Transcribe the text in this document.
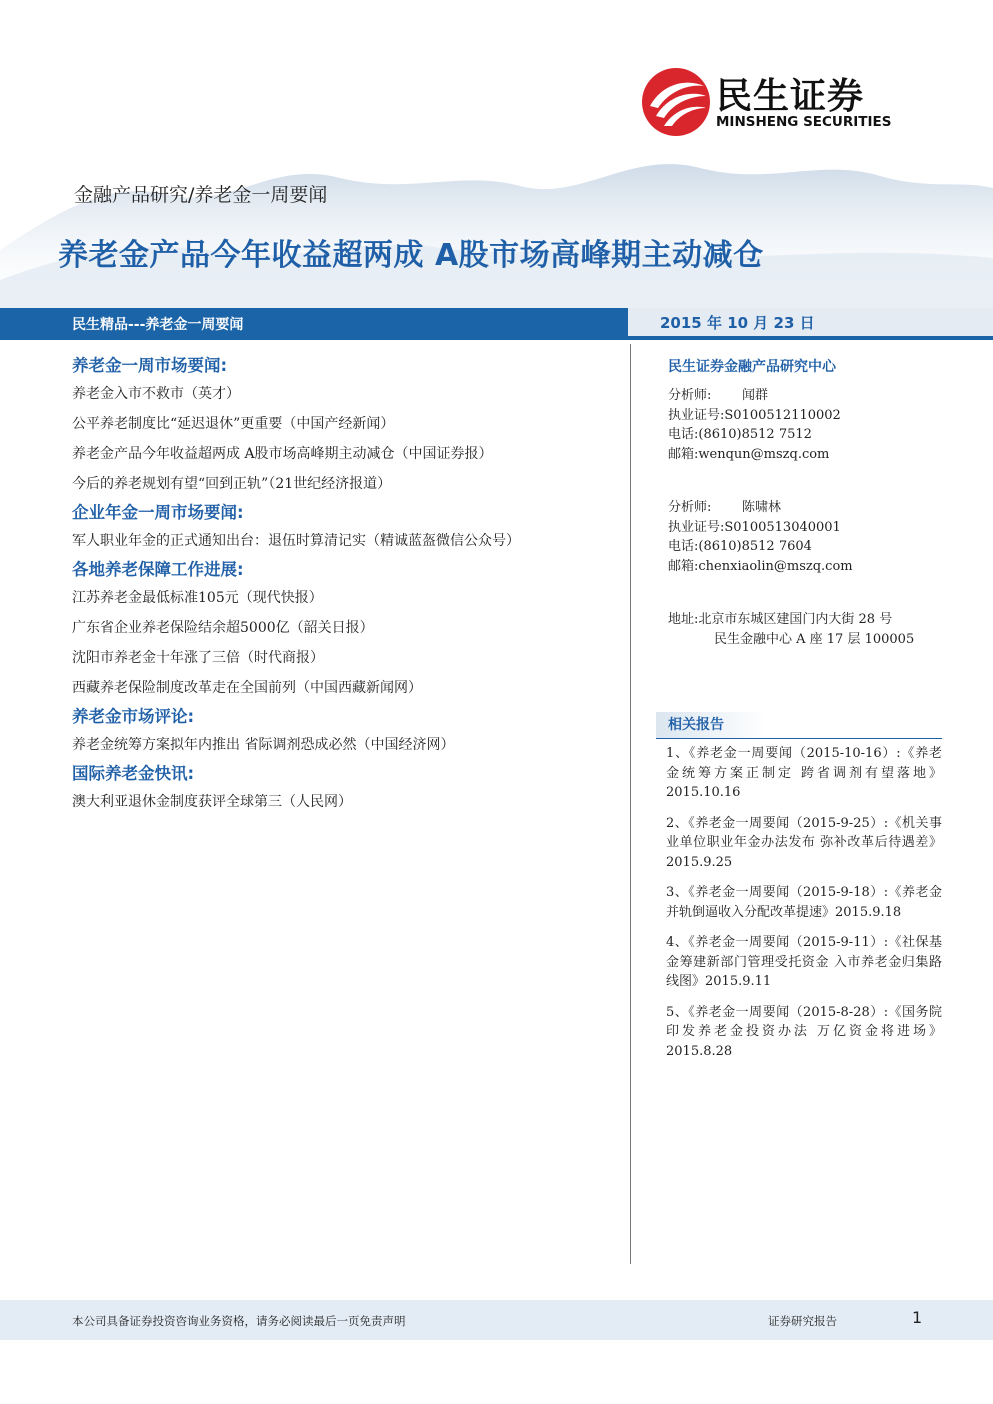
民生证券
MINSHENG SECURITIES
金融产品研究/养老金一周要闻
养老金产品今年收益超两成 A股市场高峰期主动减仓
民生精品---养老金一周要闻	2015 年 10 月 23 日
养老金一周市场要闻:
养老金入市不救市（英才）
公平养老制度比“延迟退休”更重要（中国产经新闻）
养老金产品今年收益超两成 A股市场高峰期主动减仓（中国证券报）
今后的养老规划有望“回到正轨”（21世纪经济报道）
企业年金一周市场要闻:
军人职业年金的正式通知出台：退伍时算清记实（精诚蓝盔微信公众号）
各地养老保障工作进展:
江苏养老金最低标准105元（现代快报）
广东省企业养老保险结余超5000亿（韶关日报）
沈阳市养老金十年涨了三倍（时代商报）
西藏养老保险制度改革走在全国前列（中国西藏新闻网）
养老金市场评论:
养老金统筹方案拟年内推出 省际调剂恐成必然（中国经济网）
国际养老金快讯:
澳大利亚退休金制度获评全球第三（人民网）
民生证券金融产品研究中心
分析师: 闻群
执业证号:S0100512110002
电话:(8610)8512 7512
邮箱:wenqun@mszq.com
分析师: 陈啸林
执业证号:S0100513040001
电话:(8610)8512 7604
邮箱:chenxiaolin@mszq.com
地址:北京市东城区建国门内大街 28 号
民生金融中心 A 座 17 层 100005
相关报告
1、《养老金一周要闻（2015-10-16）:《养老金统筹方案正制定 跨省调剂有望落地》2015.10.16
2、《养老金一周要闻（2015-9-25）:《机关事业单位职业年金办法发布 弥补改革后待遇差》2015.9.25
3、《养老金一周要闻（2015-9-18）:《养老金并轨倒逼收入分配改革提速》2015.9.18
4、《养老金一周要闻（2015-9-11）:《社保基金筹建新部门管理受托资金 入市养老金归集路线图》2015.9.11
5、《养老金一周要闻（2015-8-28）:《国务院印发养老金投资办法 万亿资金将进场》2015.8.28
本公司具备证券投资咨询业务资格，请务必阅读最后一页免责声明	证券研究报告	1
